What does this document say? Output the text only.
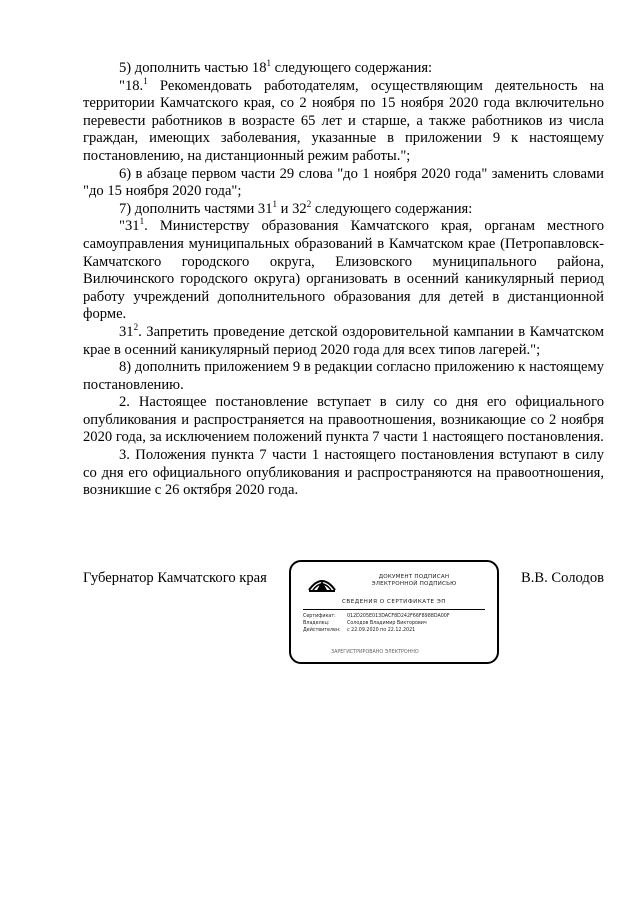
5) дополнить частью $18^1$ следующего содержания:

"18.$^1$ Рекомендовать работодателям, осуществляющим деятельность на территории Камчатского края, со 2 ноября по 15 ноября 2020 года включительно перевести работников в возрасте 65 лет и старше, а также работников из числа граждан, имеющих заболевания, указанные в приложении 9 к настоящему постановлению, на дистанционный режим работы.";

6) в абзаце первом части 29 слова "до 1 ноября 2020 года" заменить словами "до 15 ноября 2020 года";

7) дополнить частями $31^1$ и $32^2$ следующего содержания:

"$31^1$. Министерству образования Камчатского края, органам местного самоуправления муниципальных образований в Камчатском крае (Петропавловск-Камчатского городского округа, Елизовского муниципального района, Вилючинского городского округа) организовать в осенний каникулярный период работу учреждений дополнительного образования для детей в дистанционной форме.

$31^2$. Запретить проведение детской оздоровительной кампании в Камчатском крае в осенний каникулярный период 2020 года для всех типов лагерей.";

8) дополнить приложением 9 в редакции согласно приложению к настоящему постановлению.

2. Настоящее постановление вступает в силу со дня его официального опубликования и распространяется на правоотношения, возникающие со 2 ноября 2020 года, за исключением положений пункта 7 части 1 настоящего постановления.

3. Положения пункта 7 части 1 настоящего постановления вступают в силу со дня его официального опубликования и распространяются на правоотношения, возникшие с 26 октября 2020 года.

Губернатор Камчатского края	ДОКУМЕНТ ПОДПИСАН
ЭЛЕКТРОННОЙ ПОДПИСЬЮ
СВЕДЕНИЯ О СЕРТИФИКАТЕ ЭП
Сертификат: 012D205E013DACF8D242F66F8988DA00F
Владелец:	Солодов Владимир Викторович
Действителен: с 22.09.2020 по 22.12.2021
ЗАРЕГИСТРИРОВАНО ЭЛЕКТРОННО
В.В. Солодов
